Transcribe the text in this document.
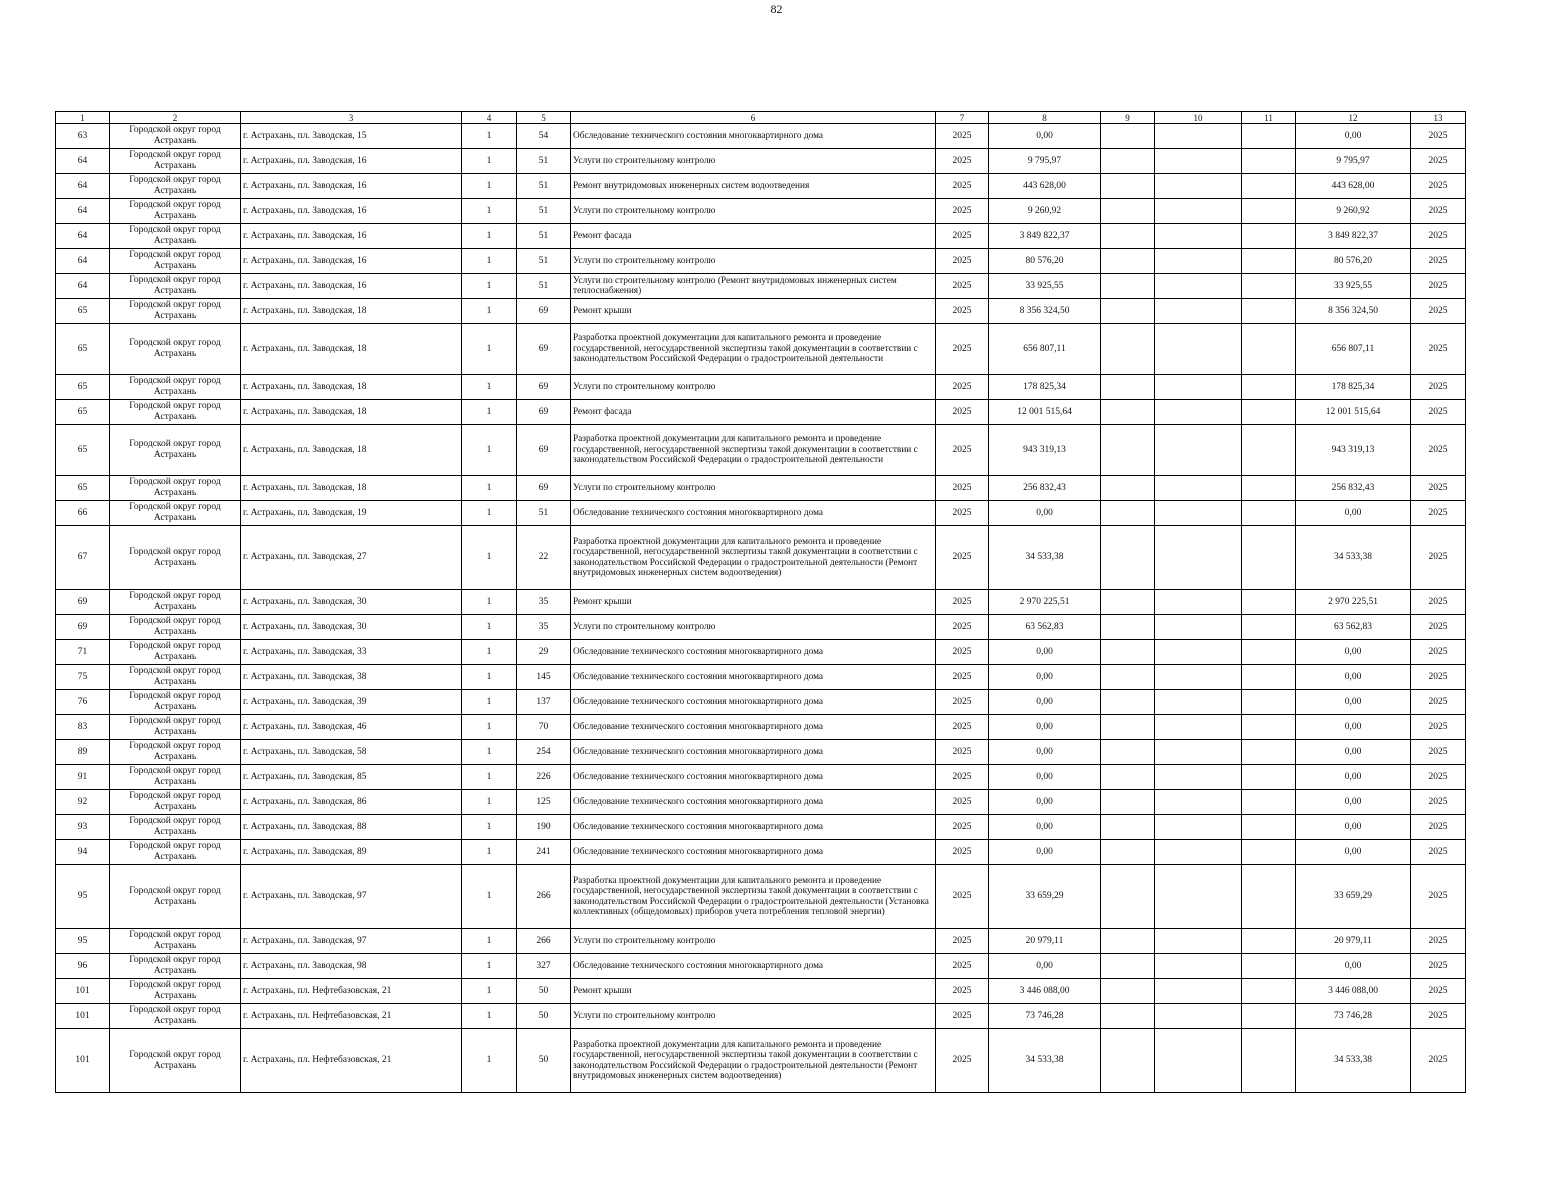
82
1	2	3	4	5	6	7	8	9	10	11	12	13
63	Городской округ город Астрахань	г. Астрахань, пл. Заводская, 15	1	54	Обследование технического состояния многоквартирного дома	2025	0,00				0,00	2025
64	Городской округ город Астрахань	г. Астрахань, пл. Заводская, 16	1	51	Услуги по строительному контролю	2025	9 795,97				9 795,97	2025
64	Городской округ город Астрахань	г. Астрахань, пл. Заводская, 16	1	51	Ремонт внутридомовых инженерных систем водоотведения	2025	443 628,00				443 628,00	2025
64	Городской округ город Астрахань	г. Астрахань, пл. Заводская, 16	1	51	Услуги по строительному контролю	2025	9 260,92				9 260,92	2025
64	Городской округ город Астрахань	г. Астрахань, пл. Заводская, 16	1	51	Ремонт фасада	2025	3 849 822,37				3 849 822,37	2025
64	Городской округ город Астрахань	г. Астрахань, пл. Заводская, 16	1	51	Услуги по строительному контролю	2025	80 576,20				80 576,20	2025
64	Городской округ город Астрахань	г. Астрахань, пл. Заводская, 16	1	51	Услуги по строительному контролю (Ремонт внутридомовых инженерных систем теплоснабжения)	2025	33 925,55				33 925,55	2025
65	Городской округ город Астрахань	г. Астрахань, пл. Заводская, 18	1	69	Ремонт крыши	2025	8 356 324,50				8 356 324,50	2025
65	Городской округ город Астрахань	г. Астрахань, пл. Заводская, 18	1	69	Разработка проектной документации для капитального ремонта и проведение государственной, негосударственной экспертизы такой документации в соответствии с законодательством Российской Федерации о градостроительной деятельности	2025	656 807,11				656 807,11	2025
65	Городской округ город Астрахань	г. Астрахань, пл. Заводская, 18	1	69	Услуги по строительному контролю	2025	178 825,34				178 825,34	2025
65	Городской округ город Астрахань	г. Астрахань, пл. Заводская, 18	1	69	Ремонт фасада	2025	12 001 515,64				12 001 515,64	2025
65	Городской округ город Астрахань	г. Астрахань, пл. Заводская, 18	1	69	Разработка проектной документации для капитального ремонта и проведение государственной, негосударственной экспертизы такой документации в соответствии с законодательством Российской Федерации о градостроительной деятельности	2025	943 319,13				943 319,13	2025
65	Городской округ город Астрахань	г. Астрахань, пл. Заводская, 18	1	69	Услуги по строительному контролю	2025	256 832,43				256 832,43	2025
66	Городской округ город Астрахань	г. Астрахань, пл. Заводская, 19	1	51	Обследование технического состояния многоквартирного дома	2025	0,00				0,00	2025
67	Городской округ город Астрахань	г. Астрахань, пл. Заводская, 27	1	22	Разработка проектной документации для капитального ремонта и проведение государственной, негосударственной экспертизы такой документации в соответствии с законодательством Российской Федерации о градостроительной деятельности (Ремонт внутридомовых инженерных систем водоотведения)	2025	34 533,38				34 533,38	2025
69	Городской округ город Астрахань	г. Астрахань, пл. Заводская, 30	1	35	Ремонт крыши	2025	2 970 225,51				2 970 225,51	2025
69	Городской округ город Астрахань	г. Астрахань, пл. Заводская, 30	1	35	Услуги по строительному контролю	2025	63 562,83				63 562,83	2025
71	Городской округ город Астрахань	г. Астрахань, пл. Заводская, 33	1	29	Обследование технического состояния многоквартирного дома	2025	0,00				0,00	2025
75	Городской округ город Астрахань	г. Астрахань, пл. Заводская, 38	1	145	Обследование технического состояния многоквартирного дома	2025	0,00				0,00	2025
76	Городской округ город Астрахань	г. Астрахань, пл. Заводская, 39	1	137	Обследование технического состояния многоквартирного дома	2025	0,00				0,00	2025
83	Городской округ город Астрахань	г. Астрахань, пл. Заводская, 46	1	70	Обследование технического состояния многоквартирного дома	2025	0,00				0,00	2025
89	Городской округ город Астрахань	г. Астрахань, пл. Заводская, 58	1	254	Обследование технического состояния многоквартирного дома	2025	0,00				0,00	2025
91	Городской округ город Астрахань	г. Астрахань, пл. Заводская, 85	1	226	Обследование технического состояния многоквартирного дома	2025	0,00				0,00	2025
92	Городской округ город Астрахань	г. Астрахань, пл. Заводская, 86	1	125	Обследование технического состояния многоквартирного дома	2025	0,00				0,00	2025
93	Городской округ город Астрахань	г. Астрахань, пл. Заводская, 88	1	190	Обследование технического состояния многоквартирного дома	2025	0,00				0,00	2025
94	Городской округ город Астрахань	г. Астрахань, пл. Заводская, 89	1	241	Обследование технического состояния многоквартирного дома	2025	0,00				0,00	2025
95	Городской округ город Астрахань	г. Астрахань, пл. Заводская, 97	1	266	Разработка проектной документации для капитального ремонта и проведение государственной, негосударственной экспертизы такой документации в соответствии с законодательством Российской Федерации о градостроительной деятельности (Установка коллективных (общедомовых) приборов учета потребления тепловой энергии)	2025	33 659,29				33 659,29	2025
95	Городской округ город Астрахань	г. Астрахань, пл. Заводская, 97	1	266	Услуги по строительному контролю	2025	20 979,11				20 979,11	2025
96	Городской округ город Астрахань	г. Астрахань, пл. Заводская, 98	1	327	Обследование технического состояния многоквартирного дома	2025	0,00				0,00	2025
101	Городской округ город Астрахань	г. Астрахань, пл. Нефтебазовская, 21	1	50	Ремонт крыши	2025	3 446 088,00				3 446 088,00	2025
101	Городской округ город Астрахань	г. Астрахань, пл. Нефтебазовская, 21	1	50	Услуги по строительному контролю	2025	73 746,28				73 746,28	2025
101	Городской округ город Астрахань	г. Астрахань, пл. Нефтебазовская, 21	1	50	Разработка проектной документации для капитального ремонта и проведение государственной, негосударственной экспертизы такой документации в соответствии с законодательством Российской Федерации о градостроительной деятельности (Ремонт внутридомовых инженерных систем водоотведения)	2025	34 533,38				34 533,38	2025
